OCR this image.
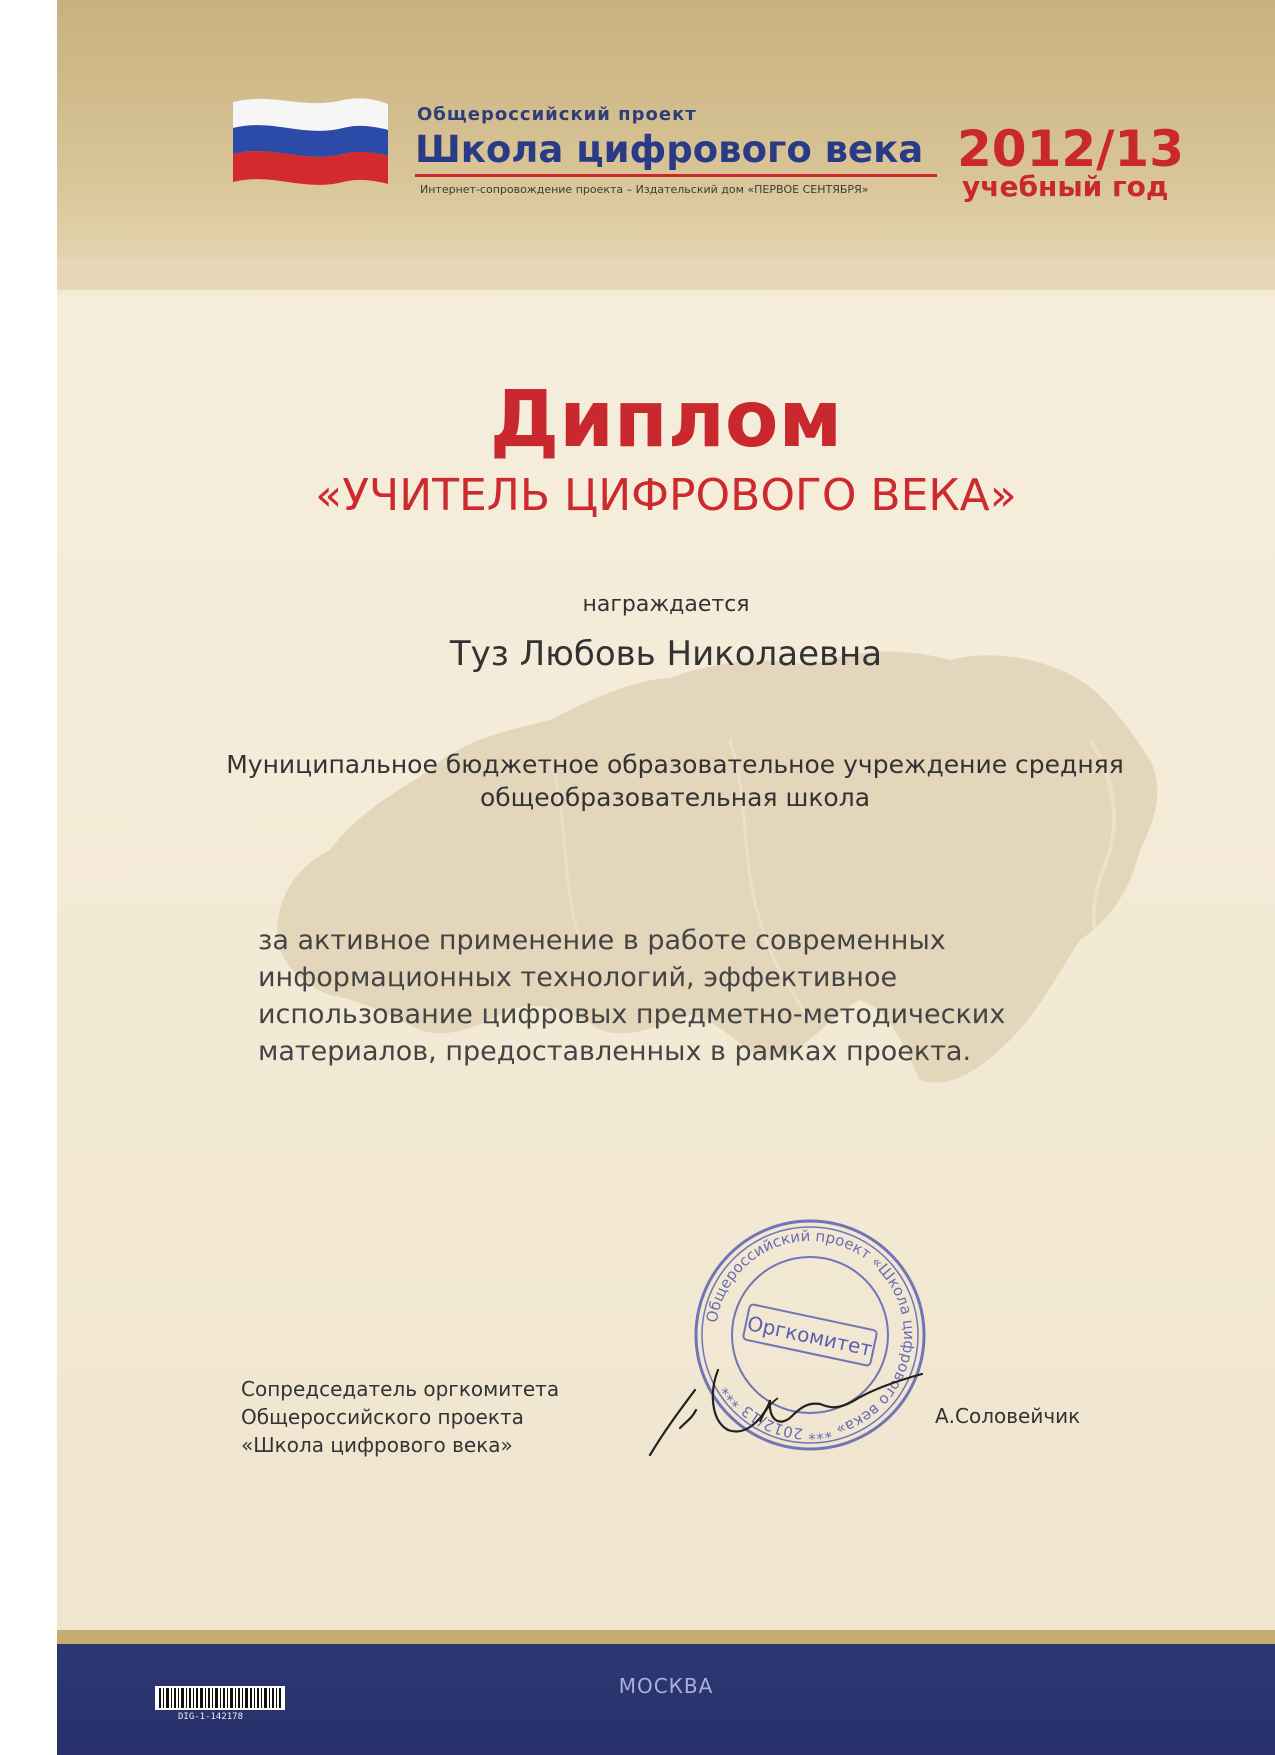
Общероссийский проект
Школа цифрового века
Интернет-сопровождение проекта – Издательский дом «ПЕРВОЕ СЕНТЯБРЯ»
2012/13
учебный год
Диплом
«УЧИТЕЛЬ ЦИФРОВОГО ВЕКА»
награждается
Туз Любовь Николаевна
Муниципальное бюджетное образовательное учреждение средняя
общеобразовательная школа
за активное применение в работе современных
информационных технологий, эффективное
использование цифровых предметно-методических
материалов, предоставленных в рамках проекта.
Общероссийский проект «Школа цифрового века» *** 2012/13 ***
Оргкомитет
Сопредседатель оргкомитета
Общероссийского проекта
«Школа цифрового века»
А.Соловейчик
МОСКВА
DIG-1-142178
